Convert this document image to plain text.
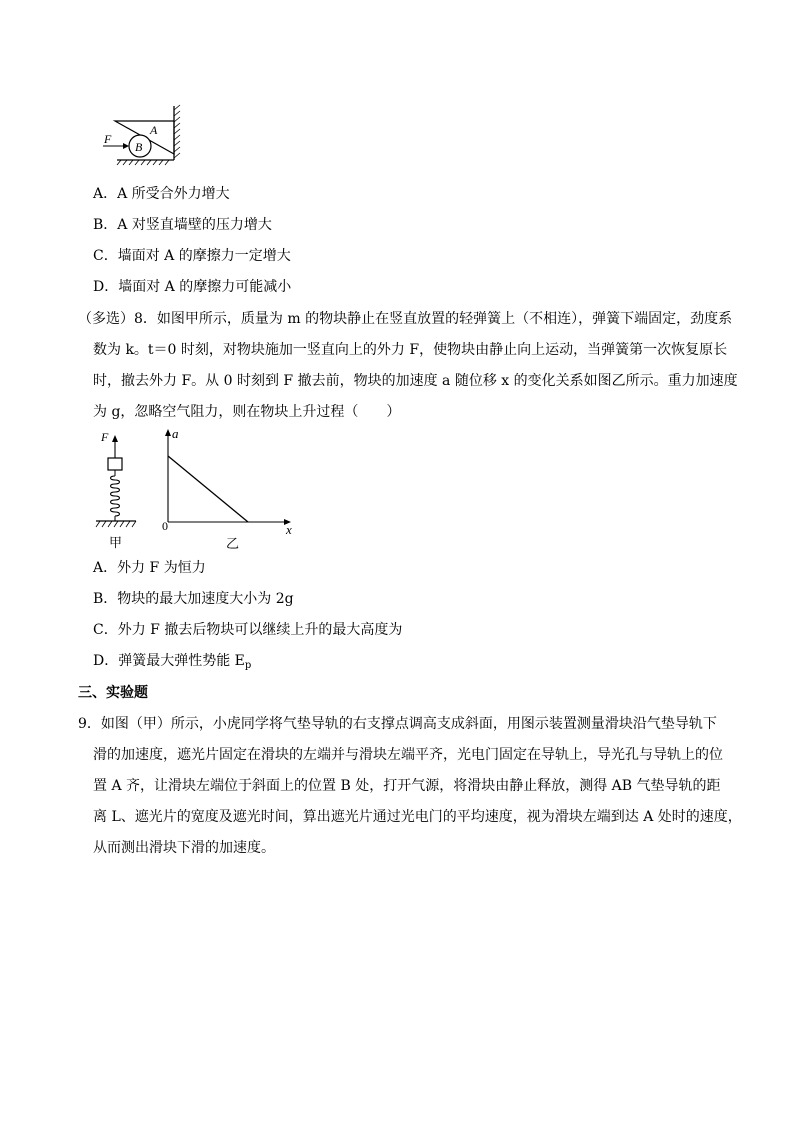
A
B
F
A．A 所受合外力增大
B．A 对竖直墙壁的压力增大
C．墙面对 A 的摩擦力一定增大
D．墙面对 A 的摩擦力可能减小
（多选）8．如图甲所示，质量为 m 的物块静止在竖直放置的轻弹簧上（不相连），弹簧下端固定，劲度系
数为 k。t＝0 时刻，对物块施加一竖直向上的外力 F，使物块由静止向上运动，当弹簧第一次恢复原长
时，撤去外力 F。从 0 时刻到 F 撤去前，物块的加速度 a 随位移 x 的变化关系如图乙所示。重力加速度
为 g，忽略空气阻力，则在物块上升过程（　　）
F
甲
a
x
0
乙
A．外力 F 为恒力
B．物块的最大加速度大小为 2g
C．外力 F 撤去后物块可以继续上升的最大高度为
D．弹簧最大弹性势能 $E_p$
三、实验题
9．如图（甲）所示，小虎同学将气垫导轨的右支撑点调高支成斜面，用图示装置测量滑块沿气垫导轨下
滑的加速度，遮光片固定在滑块的左端并与滑块左端平齐，光电门固定在导轨上，导光孔与导轨上的位
置 A 齐，让滑块左端位于斜面上的位置 B 处，打开气源，将滑块由静止释放，测得 AB 气垫导轨的距
离 L、遮光片的宽度及遮光时间，算出遮光片通过光电门的平均速度，视为滑块左端到达 A 处时的速度，
从而测出滑块下滑的加速度。
